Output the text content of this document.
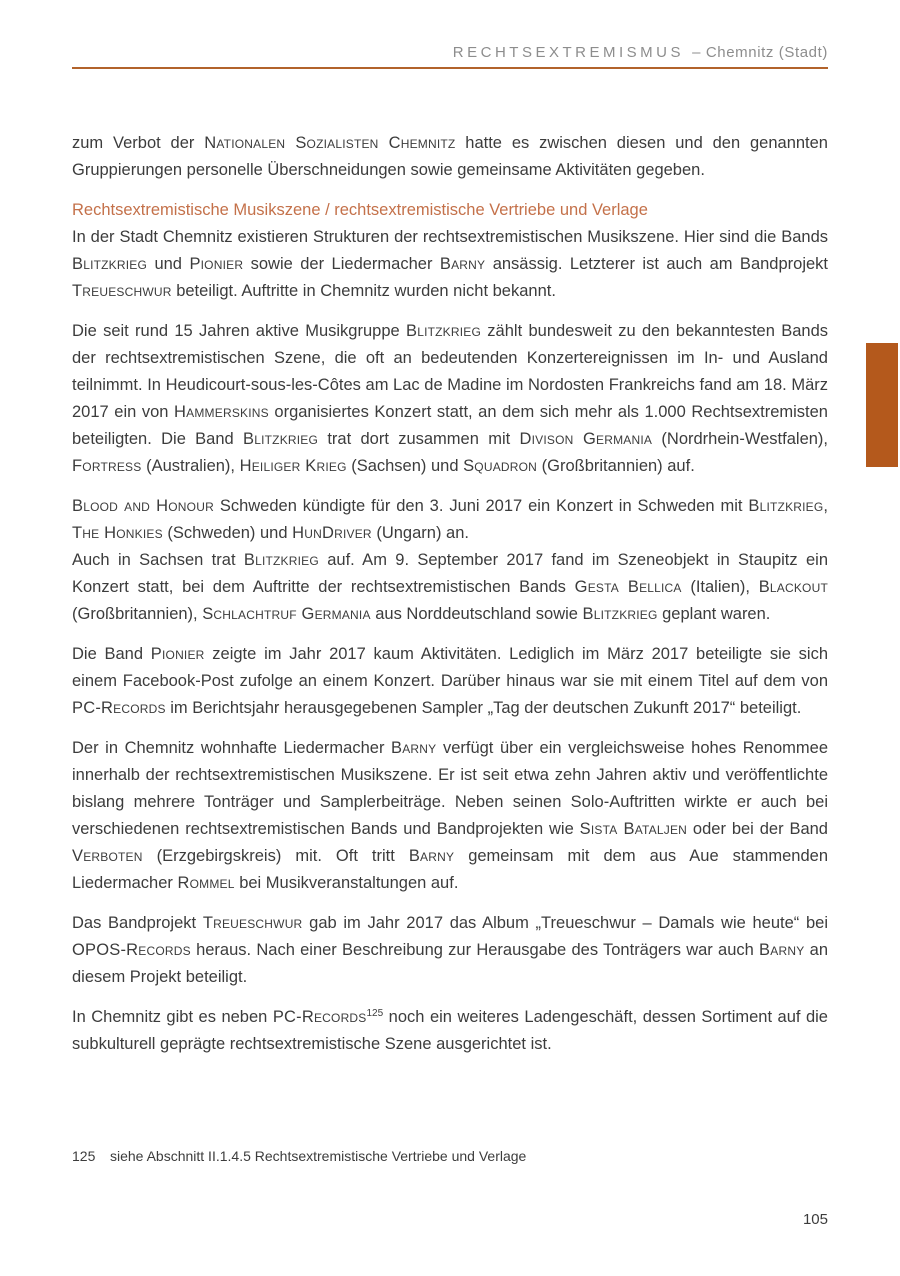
RECHTSEXTREMISMUS – Chemnitz (Stadt)

zum Verbot der Nationalen Sozialisten Chemnitz hatte es zwischen diesen und den genannten Gruppierungen personelle Überschneidungen sowie gemeinsame Aktivitäten gegeben.

Rechtsextremistische Musikszene / rechtsextremistische Vertriebe und Verlage

In der Stadt Chemnitz existieren Strukturen der rechtsextremistischen Musikszene. Hier sind die Bands Blitzkrieg und Pionier sowie der Liedermacher Barny ansässig. Letzterer ist auch am Bandprojekt Treueschwur beteiligt. Auftritte in Chemnitz wurden nicht bekannt.

Die seit rund 15 Jahren aktive Musikgruppe Blitzkrieg zählt bundesweit zu den bekanntesten Bands der rechtsextremistischen Szene, die oft an bedeutenden Konzertereignissen im In- und Ausland teilnimmt. In Heudicourt-sous-les-Côtes am Lac de Madine im Nordosten Frankreichs fand am 18. März 2017 ein von Hammerskins organisiertes Konzert statt, an dem sich mehr als 1.000 Rechtsextremisten beteiligten. Die Band Blitzkrieg trat dort zusammen mit Divison Germania (Nordrhein-Westfalen), Fortress (Australien), Heiliger Krieg (Sachsen) und Squadron (Großbritannien) auf.

Blood and Honour Schweden kündigte für den 3. Juni 2017 ein Konzert in Schweden mit Blitzkrieg, The Honkies (Schweden) und HunDriver (Ungarn) an.
Auch in Sachsen trat Blitzkrieg auf. Am 9. September 2017 fand im Szeneobjekt in Staupitz ein Konzert statt, bei dem Auftritte der rechtsextremistischen Bands Gesta Bellica (Italien), Blackout (Großbritannien), Schlachtruf Germania aus Norddeutschland sowie Blitzkrieg geplant waren.

Die Band Pionier zeigte im Jahr 2017 kaum Aktivitäten. Lediglich im März 2017 beteiligte sie sich einem Facebook-Post zufolge an einem Konzert. Darüber hinaus war sie mit einem Titel auf dem von PC-Records im Berichtsjahr herausgegebenen Sampler „Tag der deutschen Zukunft 2017“ beteiligt.

Der in Chemnitz wohnhafte Liedermacher Barny verfügt über ein vergleichsweise hohes Renommee innerhalb der rechtsextremistischen Musikszene. Er ist seit etwa zehn Jahren aktiv und veröffentlichte bislang mehrere Tonträger und Samplerbeiträge. Neben seinen Solo-Auftritten wirkte er auch bei verschiedenen rechtsextremistischen Bands und Bandprojekten wie Sista Bataljen oder bei der Band Verboten (Erzgebirgskreis) mit. Oft tritt Barny gemeinsam mit dem aus Aue stammenden Liedermacher Rommel bei Musikveranstaltungen auf.

Das Bandprojekt Treueschwur gab im Jahr 2017 das Album „Treueschwur – Damals wie heute“ bei OPOS-Records heraus. Nach einer Beschreibung zur Herausgabe des Tonträgers war auch Barny an diesem Projekt beteiligt.

In Chemnitz gibt es neben PC-Records$^{125}$ noch ein weiteres Ladengeschäft, dessen Sortiment auf die subkulturell geprägte rechtsextremistische Szene ausgerichtet ist.

125	siehe Abschnitt II.1.4.5 Rechtsextremistische Vertriebe und Verlage
105
